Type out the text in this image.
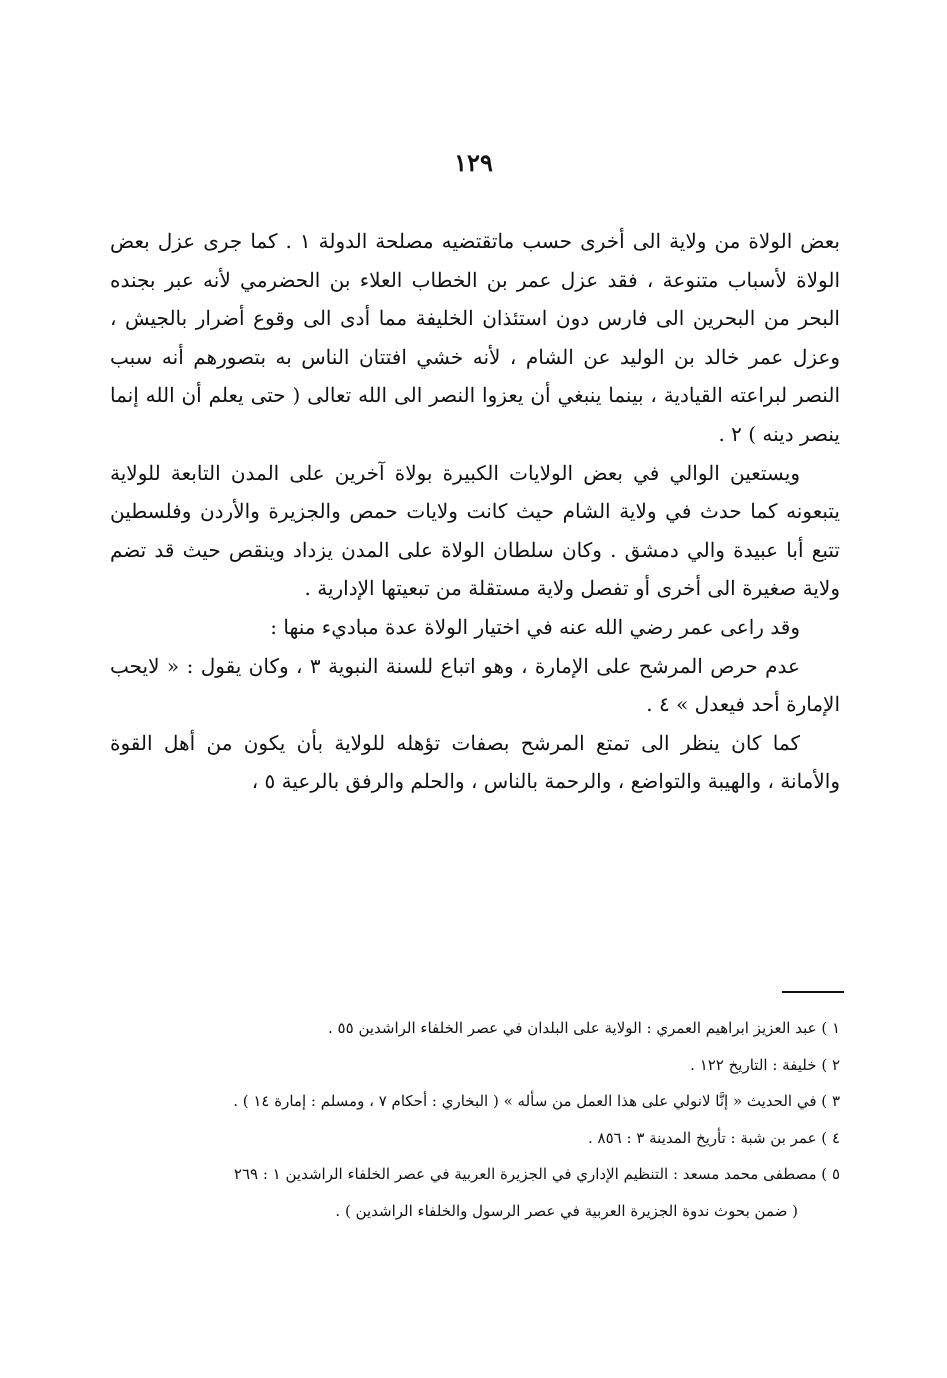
١٢٩

بعض الولاة من ولاية الى أخرى حسب ماتقتضيه مصلحة الدولة ١ . كما جرى عزل بعض الولاة لأسباب متنوعة ، فقد عزل عمر بن الخطاب العلاء بن الحضرمي لأنه عبر بجنده البحر من البحرين الى فارس دون استئذان الخليفة مما أدى الى وقوع أضرار بالجيش ، وعزل عمر خالد بن الوليد عن الشام ، لأنه خشي افتتان الناس به بتصورهم أنه سبب النصر لبراعته القيادية ، بينما ينبغي أن يعزوا النصر الى الله تعالى ( حتى يعلم أن الله إنما ينصر دينه ) ٢ .

ويستعين الوالي في بعض الولايات الكبيرة بولاة آخرين على المدن التابعة للولاية يتبعونه كما حدث في ولاية الشام حيث كانت ولايات حمص والجزيرة والأردن وفلسطين تتبع أبا عبيدة والي دمشق . وكان سلطان الولاة على المدن يزداد وينقص حيث قد تضم ولاية صغيرة الى أخرى أو تفصل ولاية مستقلة من تبعيتها الإدارية .

وقد راعى عمر رضي الله عنه في اختيار الولاة عدة مباديء منها :

عدم حرص المرشح على الإمارة ، وهو اتباع للسنة النبوية ٣ ، وكان يقول : « لايحب الإمارة أحد فيعدل » ٤ .

كما كان ينظر الى تمتع المرشح بصفات تؤهله للولاية بأن يكون من أهل القوة والأمانة ، والهيبة والتواضع ، والرحمة بالناس ، والحلم والرفق بالرعية ٥ ،

١ ) عبد العزيز ابراهيم العمري : الولاية على البلدان في عصر الخلفاء الراشدين ٥٥ .

٢ ) خليفة : التاريخ ١٢٢ .

٣ ) في الحديث « إنَّا لانولي على هذا العمل من سأله » ( البخاري : أحكام ٧ ، ومسلم : إمارة ١٤ ) .

٤ ) عمر بن شبة : تأريخ المدينة ٣ : ٨٥٦ .

٥ ) مصطفى محمد مسعد : التنظيم الإداري في الجزيرة العربية في عصر الخلفاء الراشدين ١ : ٢٦٩

( ضمن بحوث ندوة الجزيرة العربية في عصر الرسول والخلفاء الراشدين ) .
